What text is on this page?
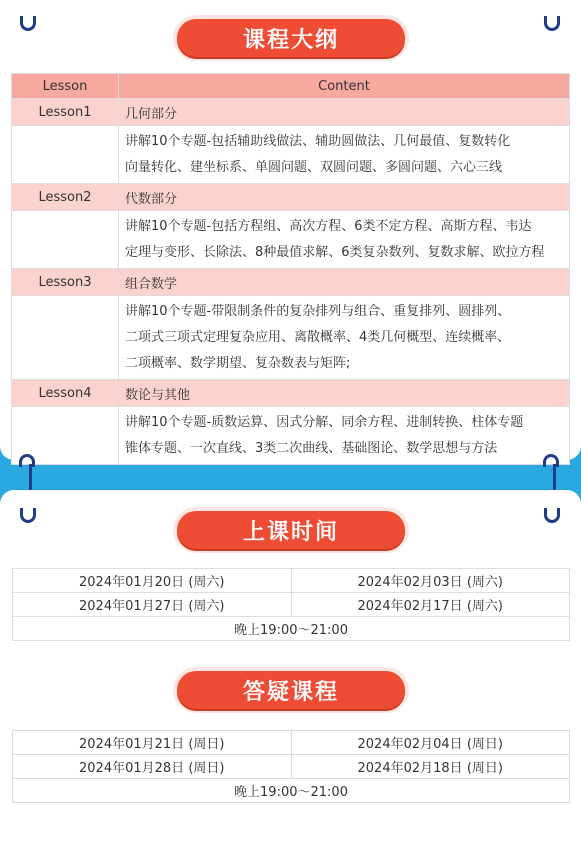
课程大纲
Lesson	Content
Lesson1	几何部分

	讲解10个专题-包括辅助线做法、辅助圆做法、几何最值、复数转化
向量转化、建坐标系、单圆问题、双圆问题、多圆问题、六心三线

Lesson2	代数部分

	讲解10个专题-包括方程组、高次方程、6类不定方程、高斯方程、韦达
定理与变形、长除法、8种最值求解、6类复杂数列、复数求解、欧拉方程

Lesson3	组合数学

	讲解10个专题-带限制条件的复杂排列与组合、重复排列、圆排列、
二项式三项式定理复杂应用、离散概率、4类几何概型、连续概率、
二项概率、数学期望、复杂数表与矩阵;

Lesson4	数论与其他

	讲解10个专题-质数运算、因式分解、同余方程、进制转换、柱体专题
锥体专题、一次直线、3类二次曲线、基础图论、数学思想与方法
上课时间
2024年01月20日 (周六)	2024年02月03日 (周六)
2024年01月27日 (周六)	2024年02月17日 (周六)
晚上19:00～21:00	
答疑课程
2024年01月21日 (周日)	2024年02月04日 (周日)
2024年01月28日 (周日)	2024年02月18日 (周日)
晚上19:00～21:00	
